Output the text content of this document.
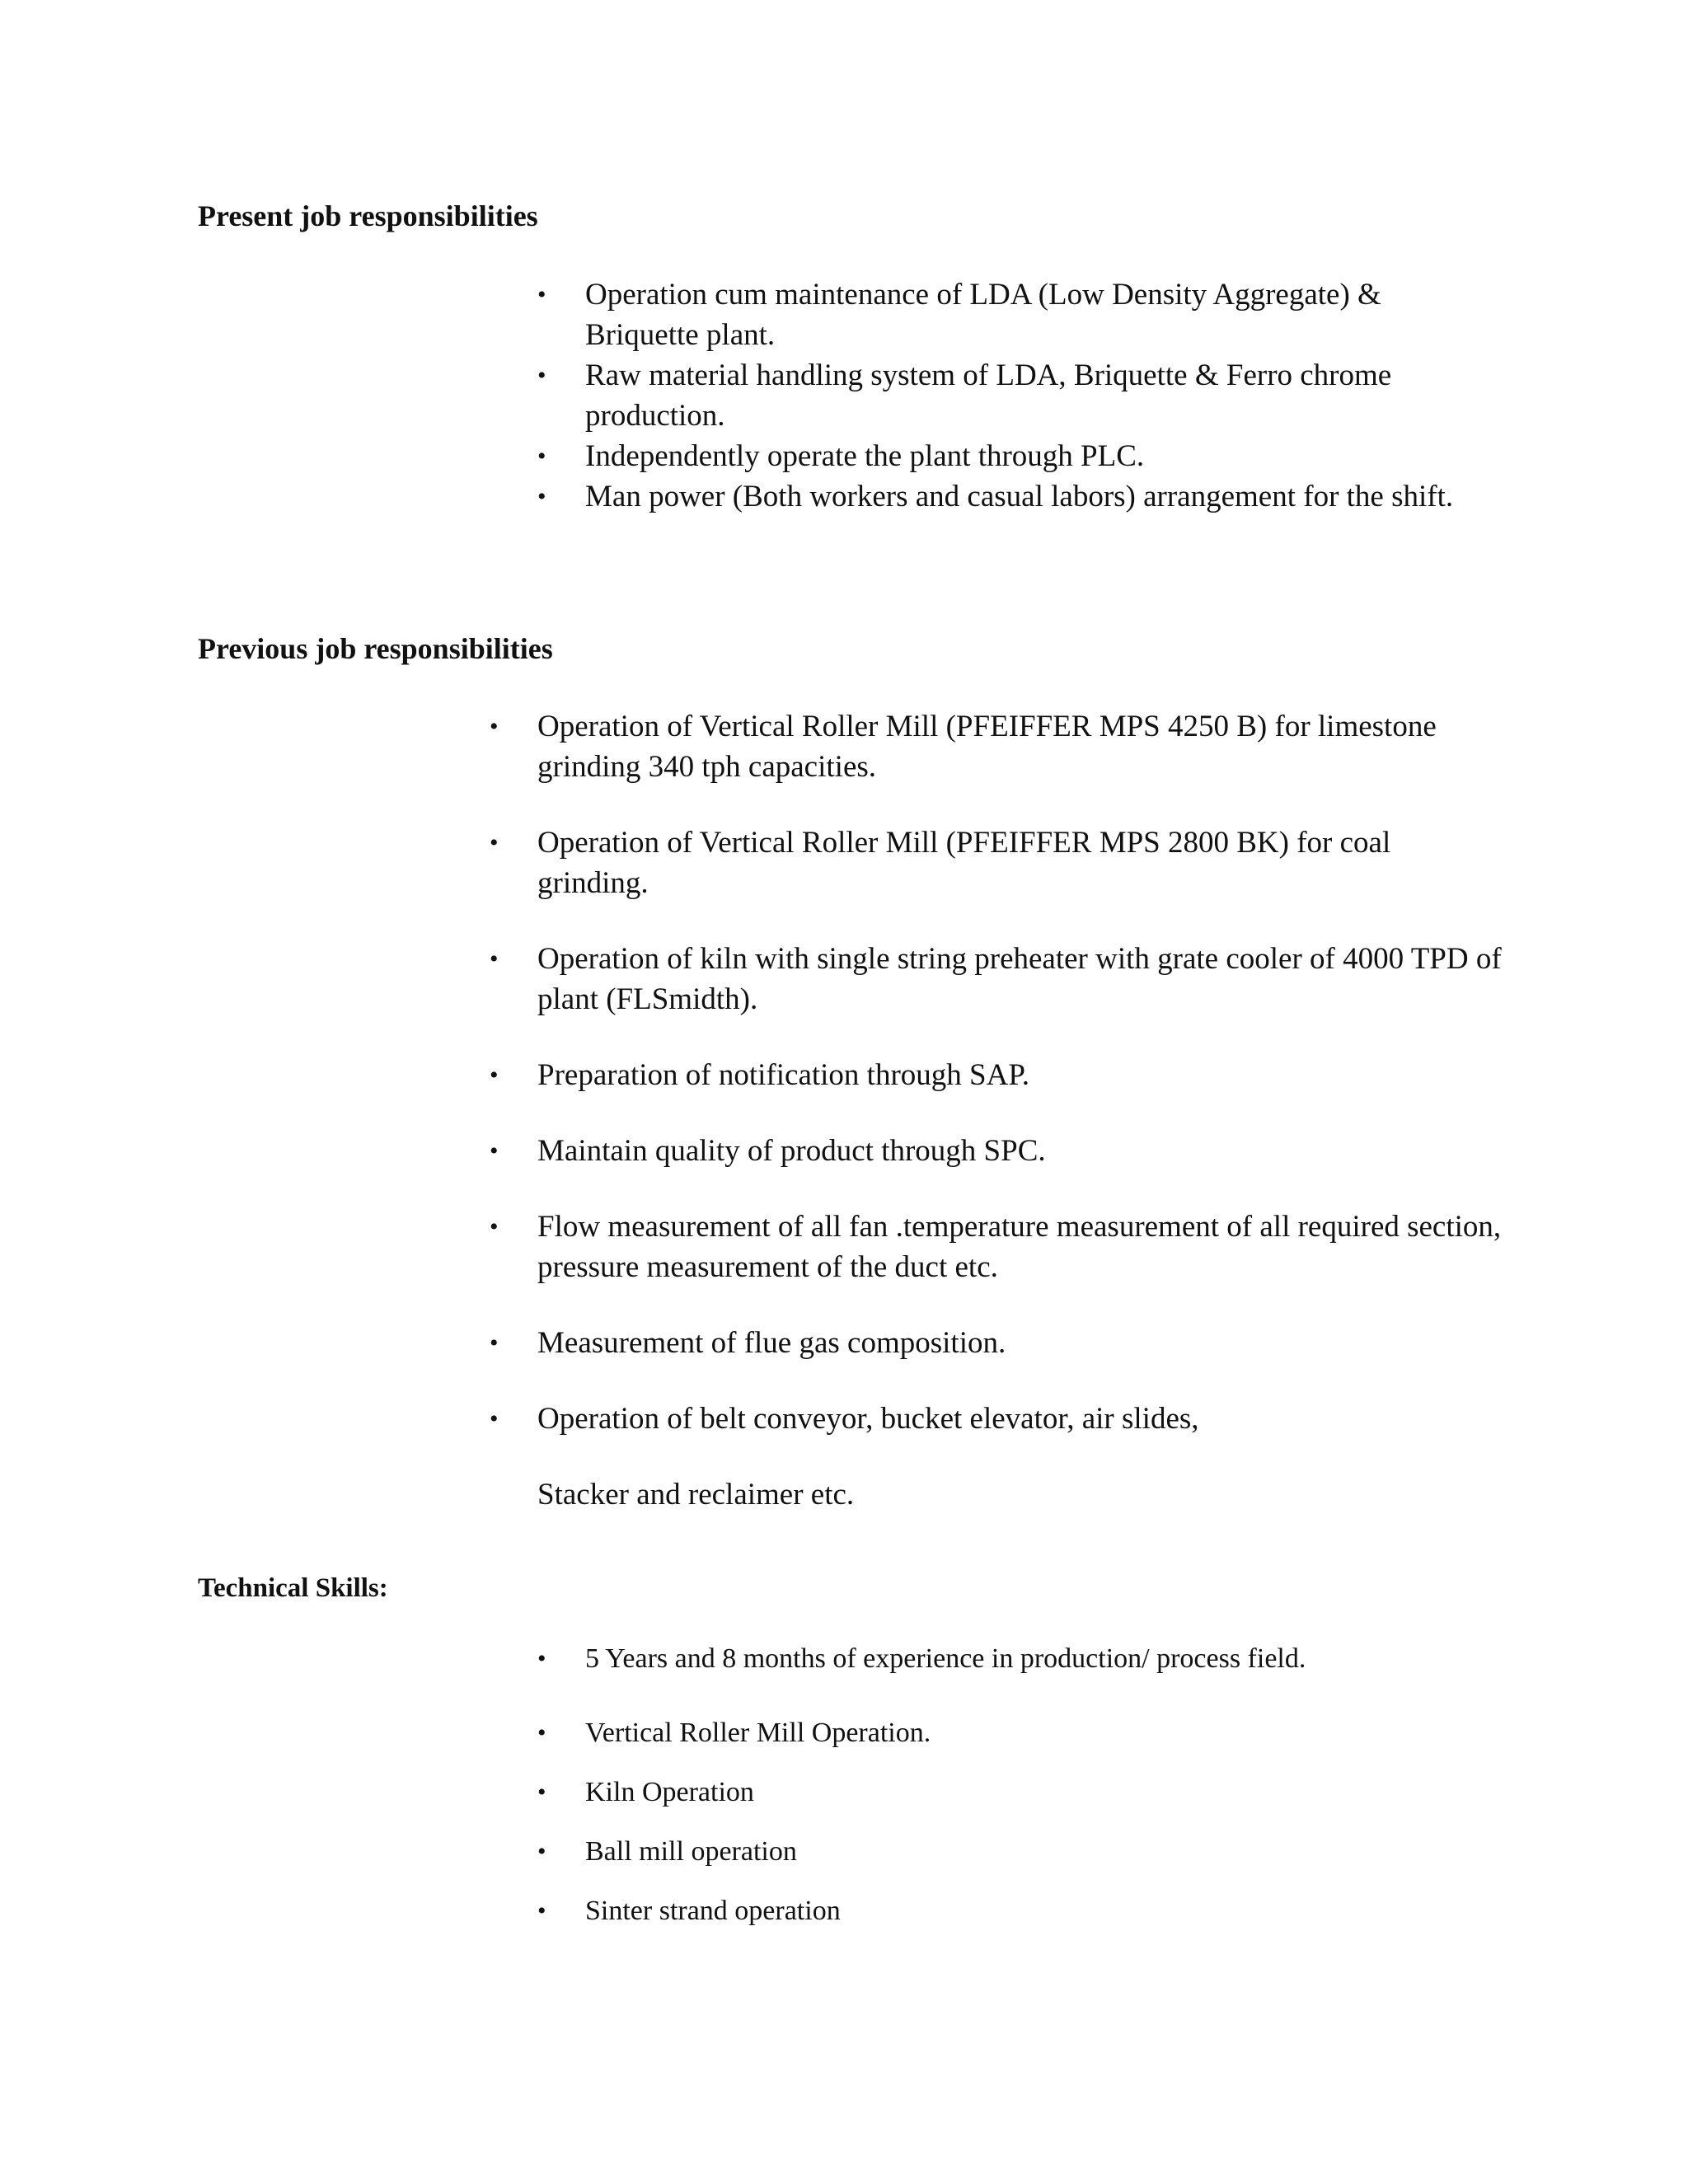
Present job responsibilities
• Operation cum maintenance of LDA (Low Density Aggregate) & Briquette plant.
• Raw material handling system of LDA, Briquette & Ferro chrome production.
• Independently operate the plant through PLC.
• Man power (Both workers and casual labors) arrangement for the shift.
Previous job responsibilities
• Operation of Vertical Roller Mill (PFEIFFER MPS 4250 B) for limestone grinding 340 tph capacities.
• Operation of Vertical Roller Mill (PFEIFFER MPS 2800 BK) for coal grinding.
• Operation of kiln with single string preheater with grate cooler of 4000 TPD of plant (FLSmidth).
• Preparation of notification through SAP.
• Maintain quality of product through SPC.
• Flow measurement of all fan .temperature measurement of all required section, pressure measurement of the duct etc.
• Measurement of flue gas composition.
• Operation of belt conveyor, bucket elevator, air slides,
Stacker and reclaimer etc.
Technical Skills:
• 5 Years and 8 months of experience in production/ process field.
• Vertical Roller Mill Operation.
• Kiln Operation
• Ball mill operation
• Sinter strand operation
